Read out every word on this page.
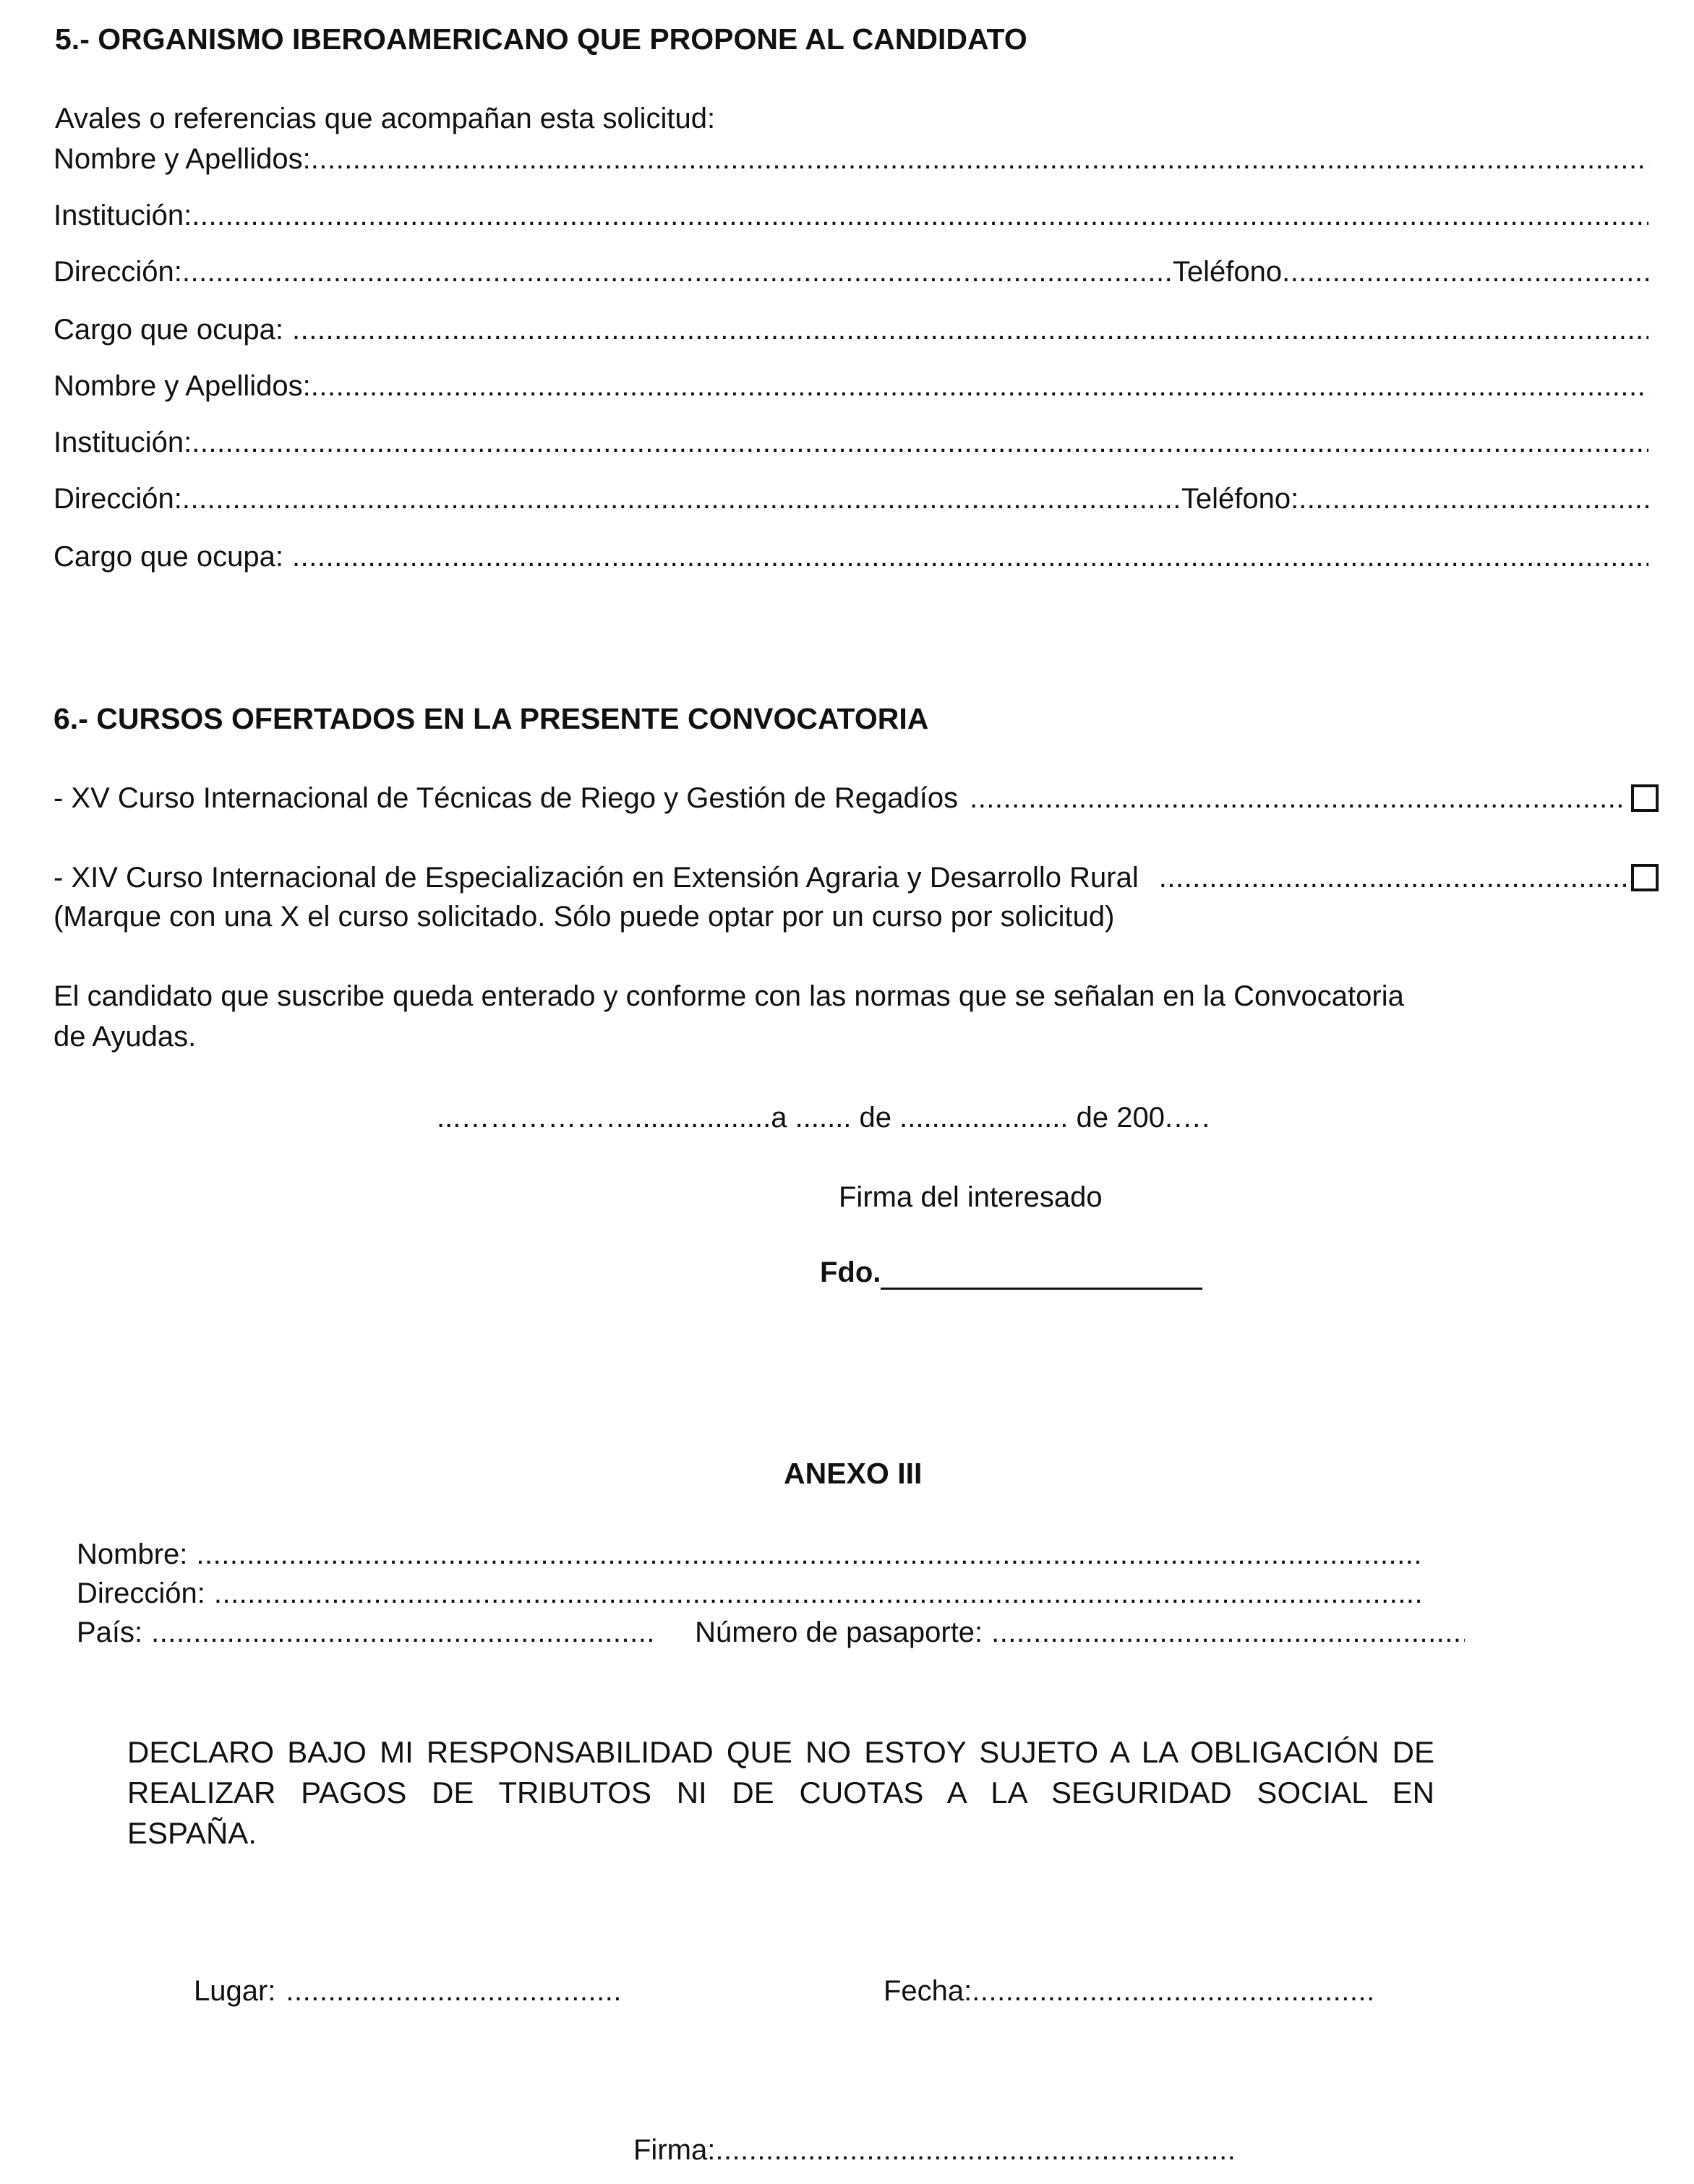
5.- ORGANISMO IBEROAMERICANO QUE PROPONE AL CANDIDATO
Avales o referencias que acompañan esta solicitud:
Nombre y Apellidos:
.....
Institución:
.....
Dirección: .....	Teléfono
.....
Cargo que ocupa:
.....
Nombre y Apellidos:
.....
Institución:
.....
Dirección: .....	Teléfono:
.....
Cargo que ocupa:
.....
6.- CURSOS OFERTADOS EN LA PRESENTE CONVOCATORIA
- XV Curso Internacional de Técnicas de Riego y Gestión de Regadíos
.....
- XIV Curso Internacional de Especialización en Extensión Agraria y Desarrollo Rural
.....
(Marque con una X el curso solicitado. Sólo puede optar por un curso por solicitud)
El candidato que suscribe queda enterado y conforme con las normas que se señalan en la Convocatoria
de Ayudas.
...……………….................a ....... de ..................... de 200.….
Firma del interesado
Fdo.
ANEXO III
Nombre:
.....
Dirección:
.....
País: .....	Número de pasaporte:
.....
DECLARO BAJO MI RESPONSABILIDAD QUE NO ESTOY SUJETO A LA OBLIGACIÓN DE REALIZAR PAGOS DE TRIBUTOS NI DE CUOTAS A LA SEGURIDAD SOCIAL EN ESPAÑA.
Lugar: .....	Fecha:
.....
Firma:
.....
